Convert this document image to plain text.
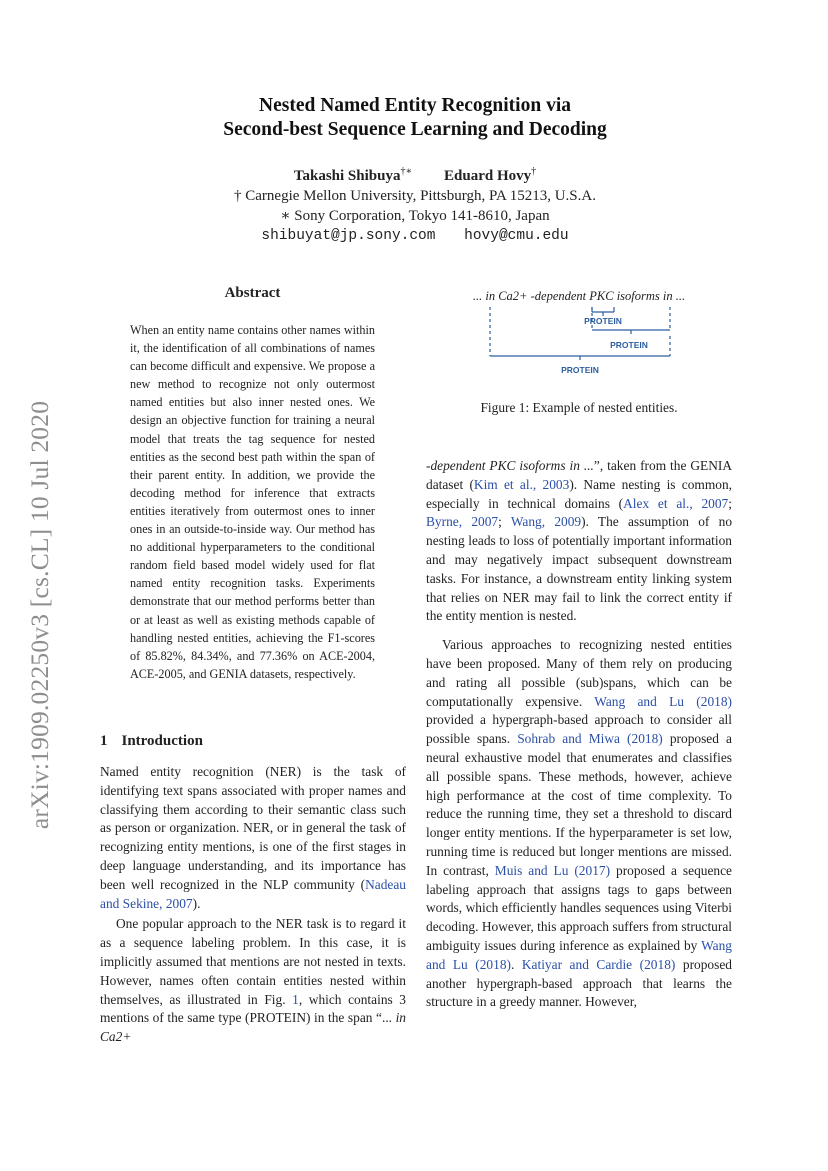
arXiv:1909.02250v3 [cs.CL] 10 Jul 2020
Nested Named Entity Recognition via
Second-best Sequence Learning and Decoding
Takashi Shibuya†∗ Eduard Hovy†
† Carnegie Mellon University, Pittsburgh, PA 15213, U.S.A.
∗ Sony Corporation, Tokyo 141-8610, Japan
shibuyat@jp.sony.com hovy@cmu.edu
Abstract
When an entity name contains other names within it, the identification of all combinations of names can become difficult and expensive. We propose a new method to recognize not only outermost named entities but also inner nested ones. We design an objective function for training a neural model that treats the tag sequence for nested entities as the second best path within the span of their parent entity. In addition, we provide the decoding method for inference that extracts entities iteratively from outermost ones to inner ones in an outside-to-inside way. Our method has no additional hyperparameters to the conditional random field based model widely used for flat named entity recognition tasks. Experiments demonstrate that our method performs better than or at least as well as existing methods capable of handling nested entities, achieving the F1-scores of 85.82%, 84.34%, and 77.36% on ACE-2004, ACE-2005, and GENIA datasets, respectively.
... in Ca2+ -dependent PKC isoforms in ...
PROTEIN
PROTEIN
PROTEIN
Figure 1: Example of nested entities.
1 Introduction

Named entity recognition (NER) is the task of identifying text spans associated with proper names and classifying them according to their semantic class such as person or organization. NER, or in general the task of recognizing entity mentions, is one of the first stages in deep language understanding, and its importance has been well recognized in the NLP community (Nadeau and Sekine, 2007).

One popular approach to the NER task is to regard it as a sequence labeling problem. In this case, it is implicitly assumed that mentions are not nested in texts. However, names often contain entities nested within themselves, as illustrated in Fig. 1, which contains 3 mentions of the same type (PROTEIN) in the span “... in Ca2+

-dependent PKC isoforms in ...”, taken from the GENIA dataset (Kim et al., 2003). Name nesting is common, especially in technical domains (Alex et al., 2007; Byrne, 2007; Wang, 2009). The assumption of no nesting leads to loss of potentially important information and may negatively impact subsequent downstream tasks. For instance, a downstream entity linking system that relies on NER may fail to link the correct entity if the entity mention is nested.

Various approaches to recognizing nested entities have been proposed. Many of them rely on producing and rating all possible (sub)spans, which can be computationally expensive. Wang and Lu (2018) provided a hypergraph-based approach to consider all possible spans. Sohrab and Miwa (2018) proposed a neural exhaustive model that enumerates and classifies all possible spans. These methods, however, achieve high performance at the cost of time complexity. To reduce the running time, they set a threshold to discard longer entity mentions. If the hyperparameter is set low, running time is reduced but longer mentions are missed. In contrast, Muis and Lu (2017) proposed a sequence labeling approach that assigns tags to gaps between words, which efficiently handles sequences using Viterbi decoding. However, this approach suffers from structural ambiguity issues during inference as explained by Wang and Lu (2018). Katiyar and Cardie (2018) proposed another hypergraph-based approach that learns the structure in a greedy manner. However,
